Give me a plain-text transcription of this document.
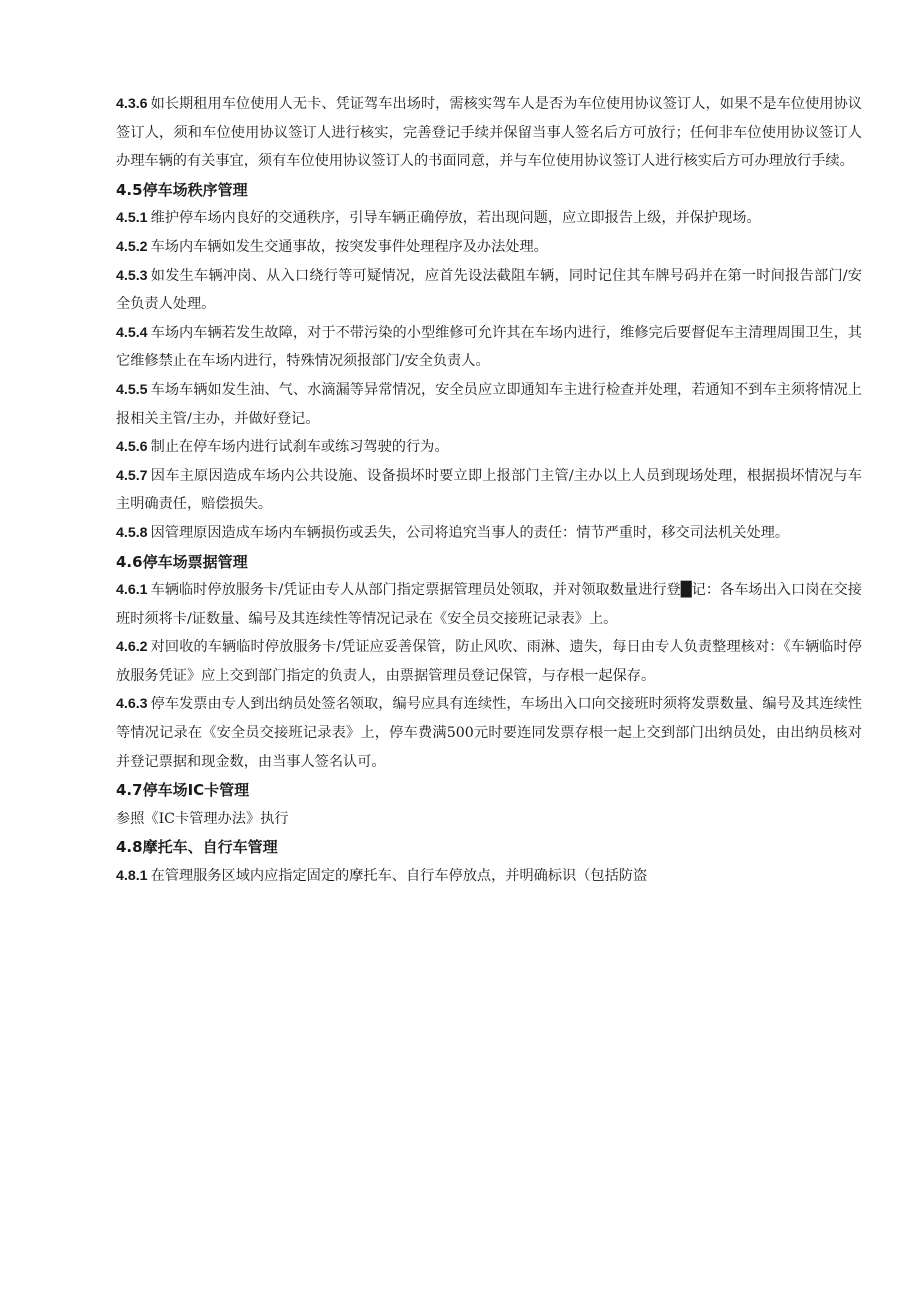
4.3.6 如长期租用车位使用人无卡、凭证驾车出场时，需核实驾车人是否为车位使用协议签订人，如果不是车位使用协议签订人，须和车位使用协议签订人进行核实，完善登记手续并保留当事人签名后方可放行；任何非车位使用协议签订人办理车辆的有关事宜，须有车位使用协议签订人的书面同意，并与车位使用协议签订人进行核实后方可办理放行手续。

4.5停车场秩序管理

4.5.1 维护停车场内良好的交通秩序，引导车辆正确停放，若出现问题，应立即报告上级，并保护现场。

4.5.2 车场内车辆如发生交通事故，按突发事件处理程序及办法处理。

4.5.3 如发生车辆冲岗、从入口绕行等可疑情况，应首先设法截阻车辆，同时记住其车牌号码并在第一时间报告部门/安全负责人处理。

4.5.4 车场内车辆若发生故障，对于不带污染的小型维修可允许其在车场内进行，维修完后要督促车主清理周围卫生，其它维修禁止在车场内进行，特殊情况须报部门/安全负责人。

4.5.5 车场车辆如发生油、气、水滴漏等异常情况，安全员应立即通知车主进行检查并处理，若通知不到车主须将情况上报相关主管/主办，并做好登记。

4.5.6 制止在停车场内进行试刹车或练习驾驶的行为。

4.5.7 因车主原因造成车场内公共设施、设备损坏时要立即上报部门主管/主办以上人员到现场处理，根据损坏情况与车主明确责任，赔偿损失。

4.5.8 因管理原因造成车场内车辆损伤或丢失，公司将追究当事人的责任：情节严重时，移交司法机关处理。

4.6停车场票据管理

4.6.1 车辆临时停放服务卡/凭证由专人从部门指定票据管理员处领取，并对领取数量进行登█记：各车场出入口岗在交接班时须将卡/证数量、编号及其连续性等情况记录在《安全员交接班记录表》上。

4.6.2 对回收的车辆临时停放服务卡/凭证应妥善保管，防止风吹、雨淋、遗失，每日由专人负责整理核对：《车辆临时停放服务凭证》应上交到部门指定的负责人，由票据管理员登记保管，与存根一起保存。

4.6.3 停车发票由专人到出纳员处签名领取，编号应具有连续性，车场出入口向交接班时须将发票数量、编号及其连续性等情况记录在《安全员交接班记录表》上，停车费满500元时要连同发票存根一起上交到部门出纳员处，由出纳员核对并登记票据和现金数，由当事人签名认可。

4.7停车场IC卡管理

参照《IC卡管理办法》执行

4.8摩托车、自行车管理

4.8.1 在管理服务区域内应指定固定的摩托车、自行车停放点，并明确标识（包括防盗
